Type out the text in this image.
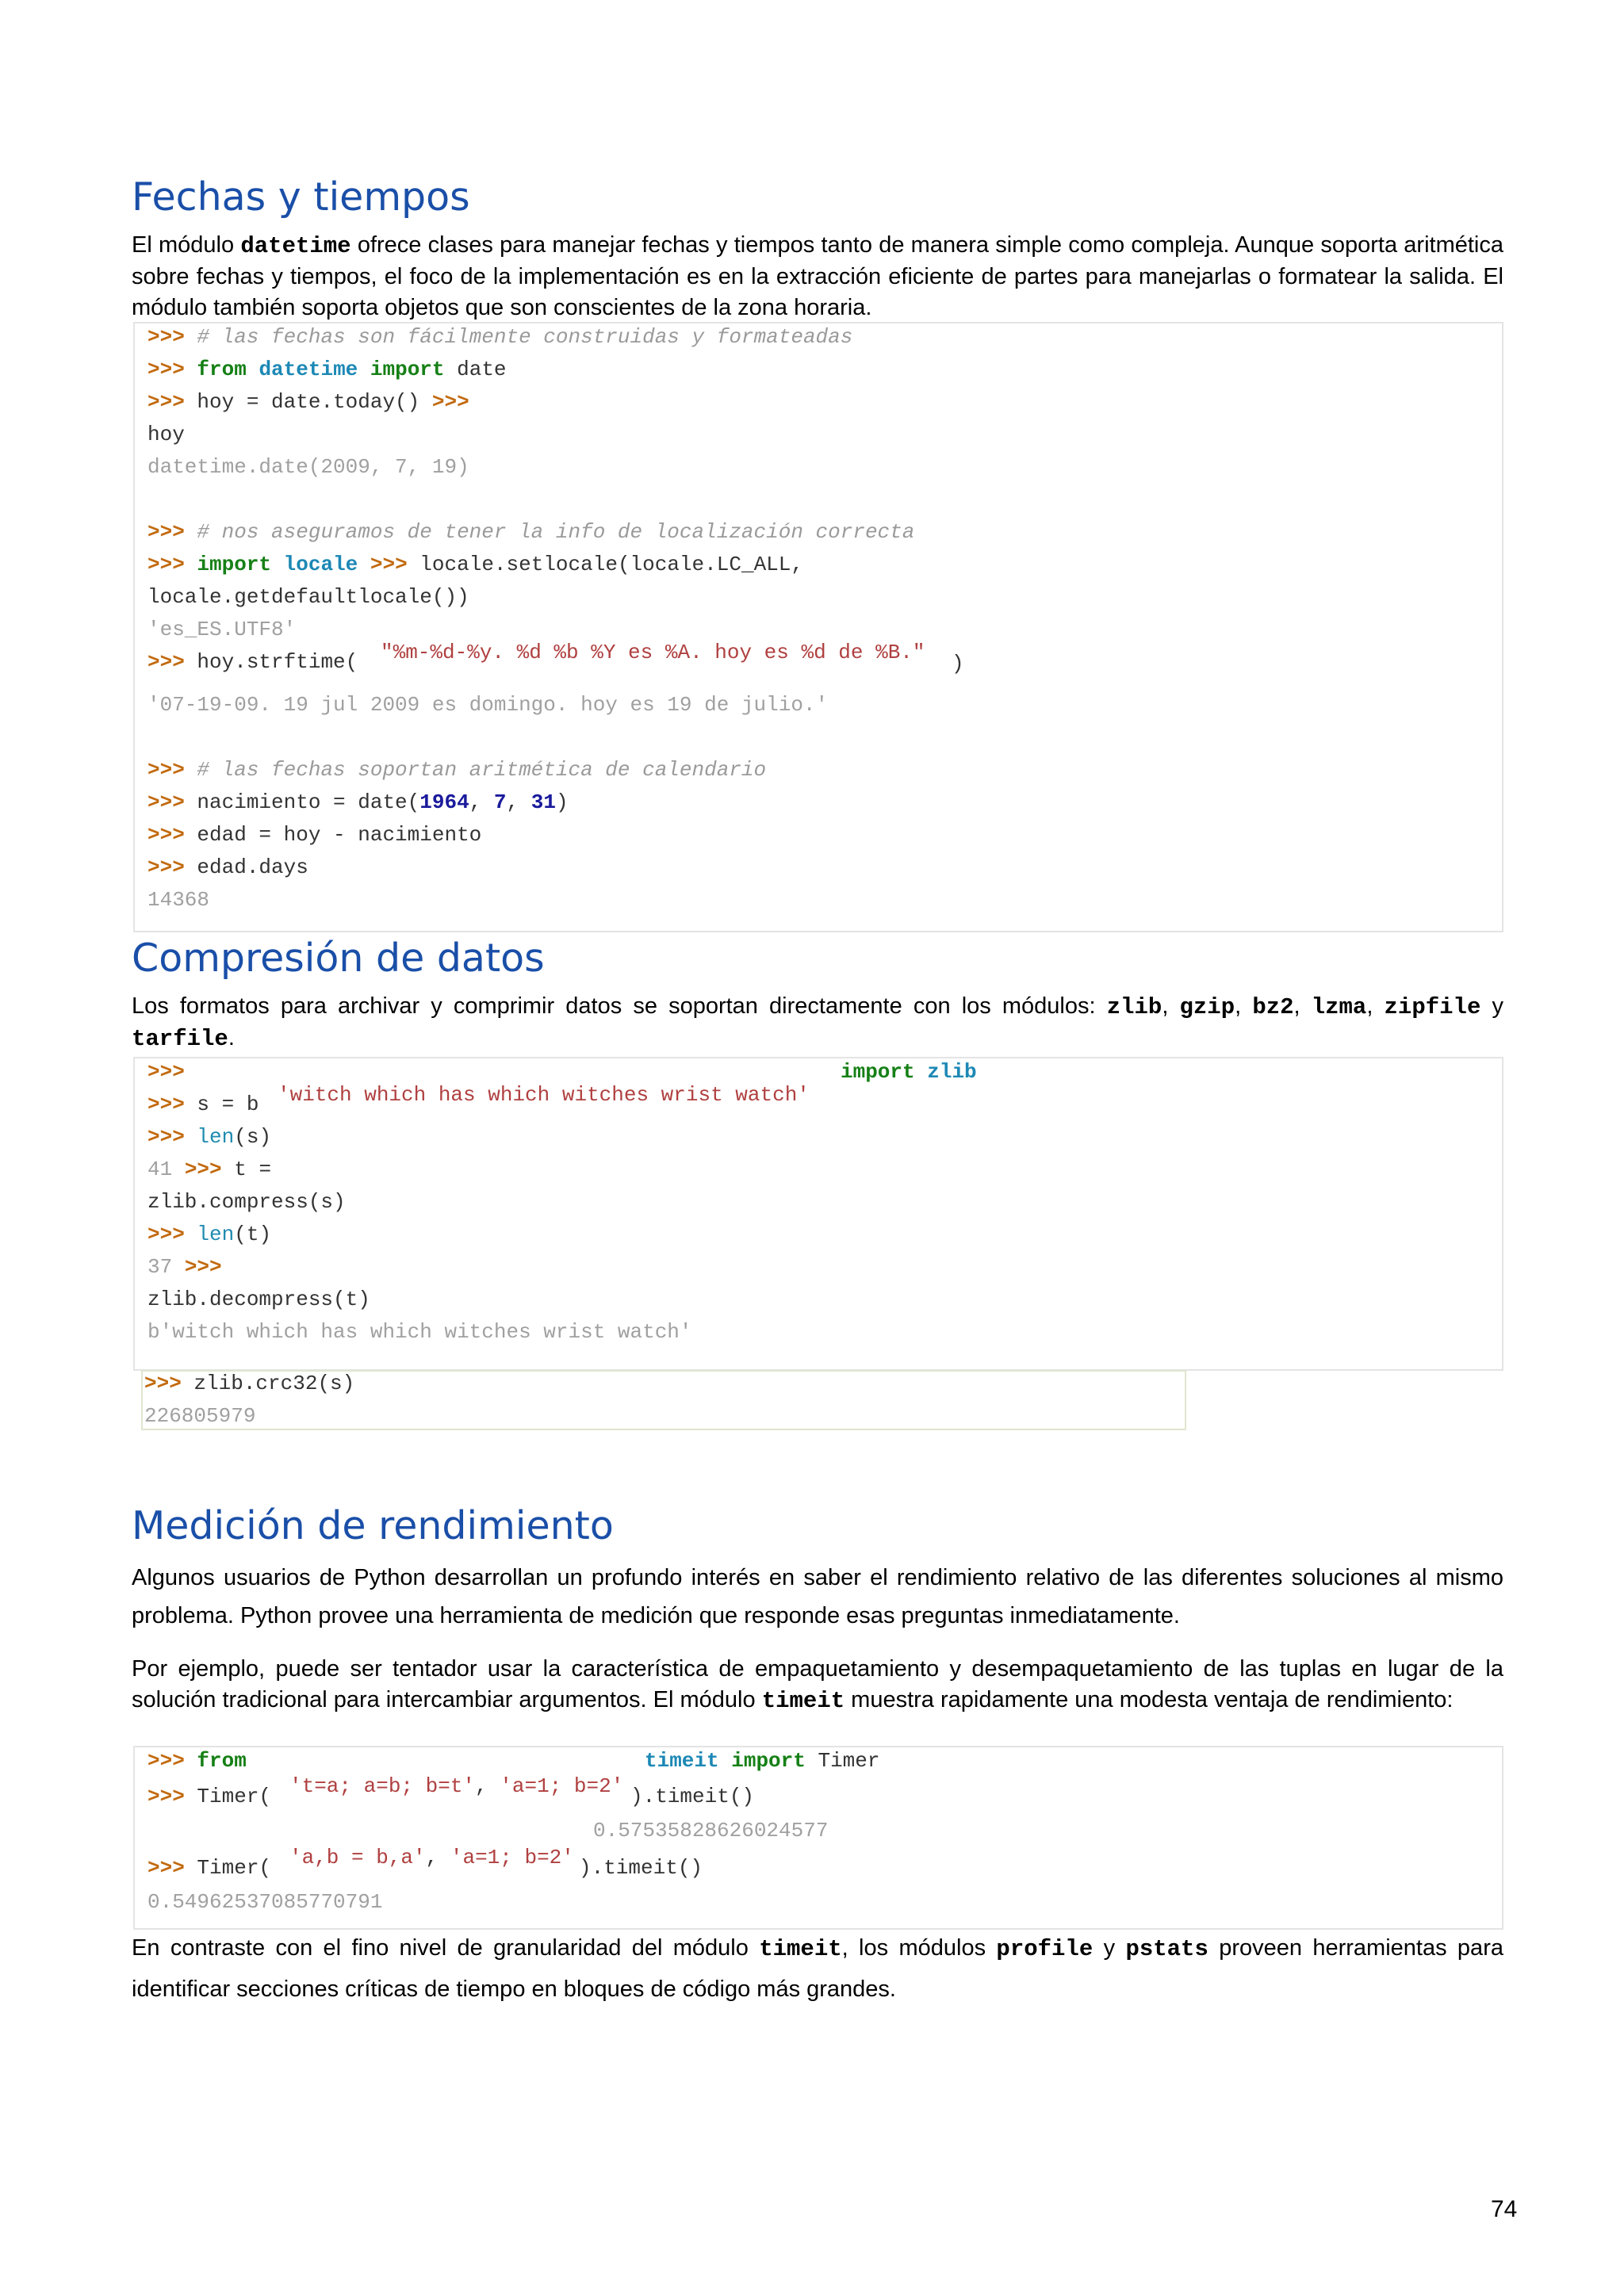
Fechas y tiempos

El módulo datetime ofrece clases para manejar fechas y tiempos tanto de manera simple como compleja. Aunque soporta aritmética sobre fechas y tiempos, el foco de la implementación es en la extracción eficiente de partes para manejarlas o formatear la salida. El módulo también soporta objetos que son conscientes de la zona horaria.

>>> # las fechas son fácilmente construidas y formateadas
>>> from datetime import date
>>> hoy = date.today() >>>
hoy
datetime.date(2009, 7, 19)
>>> # nos aseguramos de tener la info de localización correcta
>>> import locale >>> locale.setlocale(locale.LC_ALL,
locale.getdefaultlocale())
'es_ES.UTF8'
>>> hoy.strftime( "%m-%d-%y. %d %b %Y es %A. hoy es %d de %B." )
'07-19-09. 19 jul 2009 es domingo. hoy es 19 de julio.'
>>> # las fechas soportan aritmética de calendario
>>> nacimiento = date(1964, 7, 31)
>>> edad = hoy - nacimiento
>>> edad.days
14368
Compresión de datos

Los formatos para archivar y comprimir datos se soportan directamente con los módulos: zlib, gzip, bz2, lzma, zipfile y tarfile.

>>>	import zlib
>>> s = b 'witch which has which witches wrist watch'
>>> len(s)
41 >>> t =
zlib.compress(s)
>>> len(t)
37 >>>
zlib.decompress(t)
b'witch which has which witches wrist watch'
>>> zlib.crc32(s)
226805979
Medición de rendimiento

Algunos usuarios de Python desarrollan un profundo interés en saber el rendimiento relativo de las diferentes soluciones al mismo problema. Python provee una herramienta de medición que responde esas preguntas inmediatamente.

Por ejemplo, puede ser tentador usar la característica de empaquetamiento y desempaquetamiento de las tuplas en lugar de la solución tradicional para intercambiar argumentos. El módulo timeit muestra rapidamente una modesta ventaja de rendimiento:

>>> from	timeit import Timer
>>> Timer( 't=a; a=b; b=t', 'a=1; b=2' ).timeit()
0.57535828626024577
>>> Timer( 'a,b = b,a', 'a=1; b=2' ).timeit()
0.54962537085770791

En contraste con el fino nivel de granularidad del módulo timeit, los módulos profile y pstats proveen herramientas para identificar secciones críticas de tiempo en bloques de código más grandes.

74
